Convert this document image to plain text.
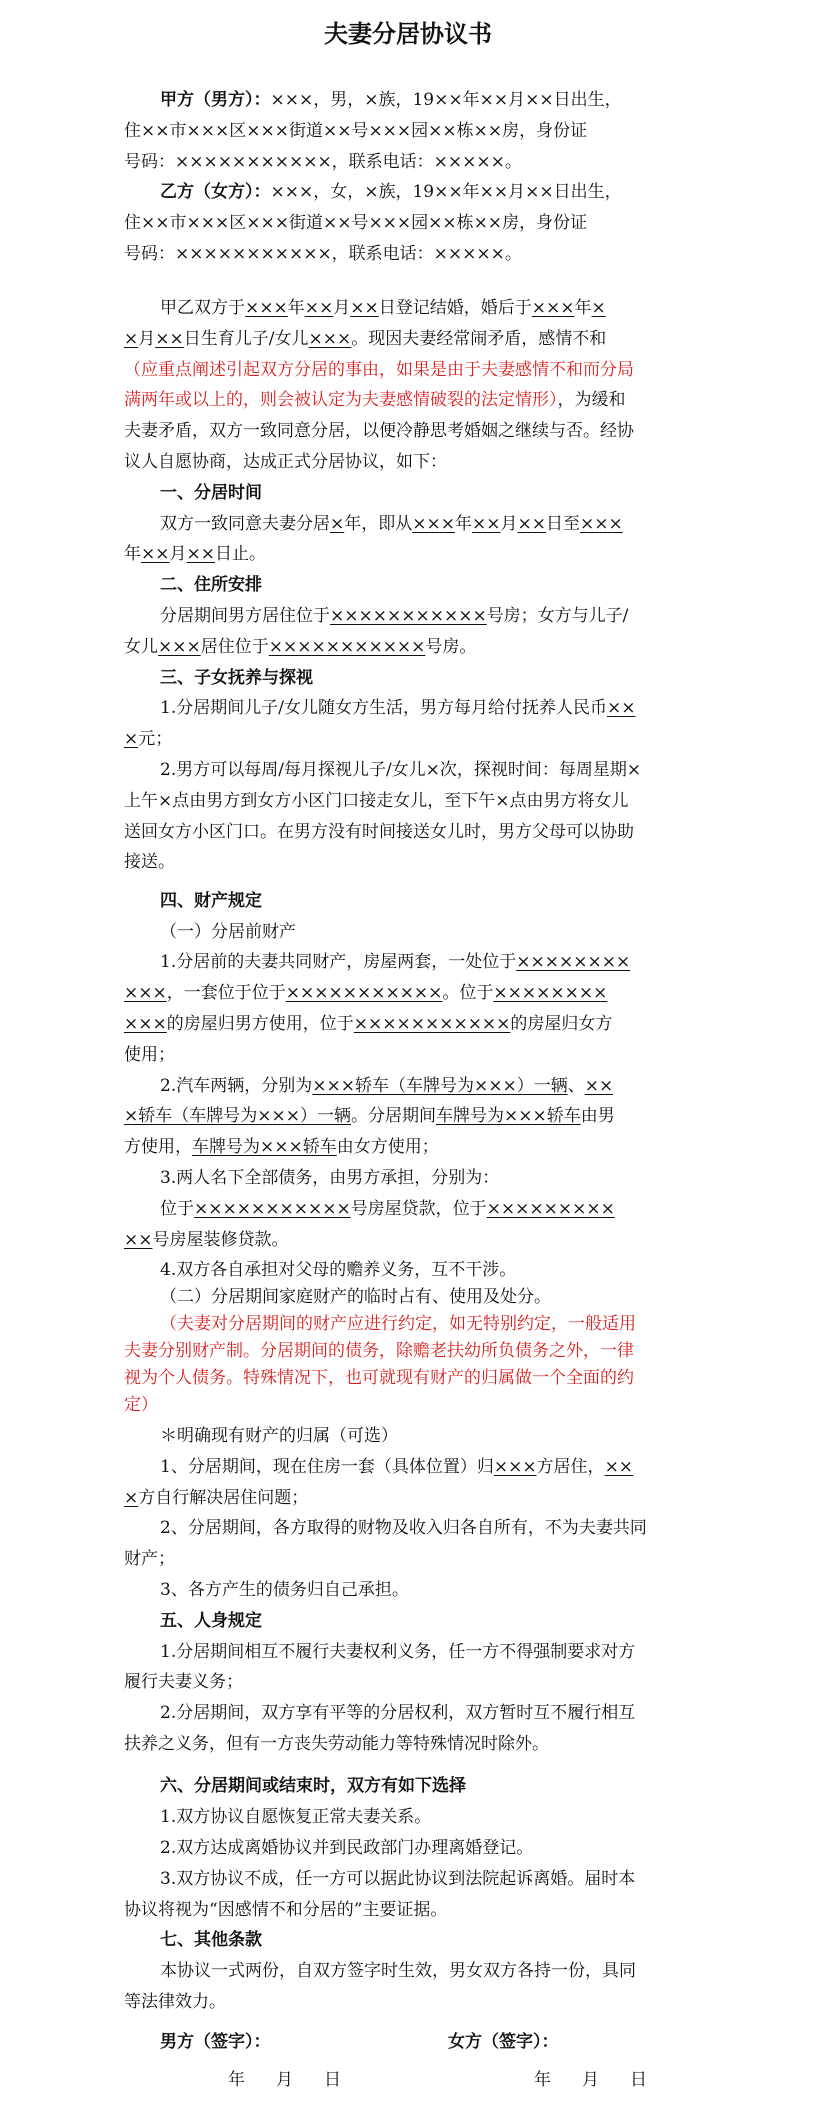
夫妻分居协议书
甲方（男方）：×××，男，×族，19××年××月××日出生，
住××市×××区×××街道××号×××园××栋××房，身份证
号码：×××××××××××，联系电话：×××××。
乙方（女方）：×××，女，×族，19××年××月××日出生，
住××市×××区×××街道××号×××园××栋××房，身份证
号码：×××××××××××，联系电话：×××××。
甲乙双方于×××年××月××日登记结婚，婚后于×××年×
×月××日生育儿子/女儿×××。现因夫妻经常闹矛盾，感情不和
（应重点阐述引起双方分居的事由，如果是由于夫妻感情不和而分局
满两年或以上的，则会被认定为夫妻感情破裂的法定情形），为缓和
夫妻矛盾，双方一致同意分居，以便冷静思考婚姻之继续与否。经协
议人自愿协商，达成正式分居协议，如下：
一、分居时间
双方一致同意夫妻分居×年，即从×××年××月××日至×××
年××月××日止。
二、住所安排
分居期间男方居住位于×××××××××××号房；女方与儿子/
女儿×××居住位于×××××××××××号房。
三、子女抚养与探视
1.分居期间儿子/女儿随女方生活，男方每月给付抚养人民币××
×元；
2.男方可以每周/每月探视儿子/女儿×次，探视时间：每周星期×
上午×点由男方到女方小区门口接走女儿，至下午×点由男方将女儿
送回女方小区门口。在男方没有时间接送女儿时，男方父母可以协助
接送。
四、财产规定
（一）分居前财产
1.分居前的夫妻共同财产，房屋两套，一处位于××××××××
×××，一套位于位于×××××××××××。位于××××××××
×××的房屋归男方使用，位于×××××××××××的房屋归女方
使用；
2.汽车两辆，分别为×××轿车（车牌号为×××）一辆、××
×轿车（车牌号为×××）一辆。分居期间车牌号为×××轿车由男
方使用，车牌号为×××轿车由女方使用；
3.两人名下全部债务，由男方承担，分别为：
位于×××××××××××号房屋贷款，位于×××××××××
××号房屋装修贷款。
4.双方各自承担对父母的赡养义务，互不干涉。
（二）分居期间家庭财产的临时占有、使用及处分。
（夫妻对分居期间的财产应进行约定，如无特别约定，一般适用
夫妻分别财产制。分居期间的债务，除赡老扶幼所负债务之外，一律
视为个人债务。特殊情况下，也可就现有财产的归属做一个全面的约
定）
＊明确现有财产的归属（可选）
1、分居期间，现在住房一套（具体位置）归×××方居住，××
×方自行解决居住问题；
2、分居期间，各方取得的财物及收入归各自所有，不为夫妻共同
财产；
3、各方产生的债务归自己承担。
五、人身规定
1.分居期间相互不履行夫妻权利义务，任一方不得强制要求对方
履行夫妻义务；
2.分居期间，双方享有平等的分居权利，双方暂时互不履行相互
扶养之义务，但有一方丧失劳动能力等特殊情况时除外。
六、分居期间或结束时，双方有如下选择
1.双方协议自愿恢复正常夫妻关系。
2.双方达成离婚协议并到民政部门办理离婚登记。
3.双方协议不成，任一方可以据此协议到法院起诉离婚。届时本
协议将视为“因感情不和分居的”主要证据。
七、其他条款
本协议一式两份，自双方签字时生效，男女双方各持一份，具同
等法律效力。
男方（签字）：	女方（签字）：
年 月 日	年 月 日
